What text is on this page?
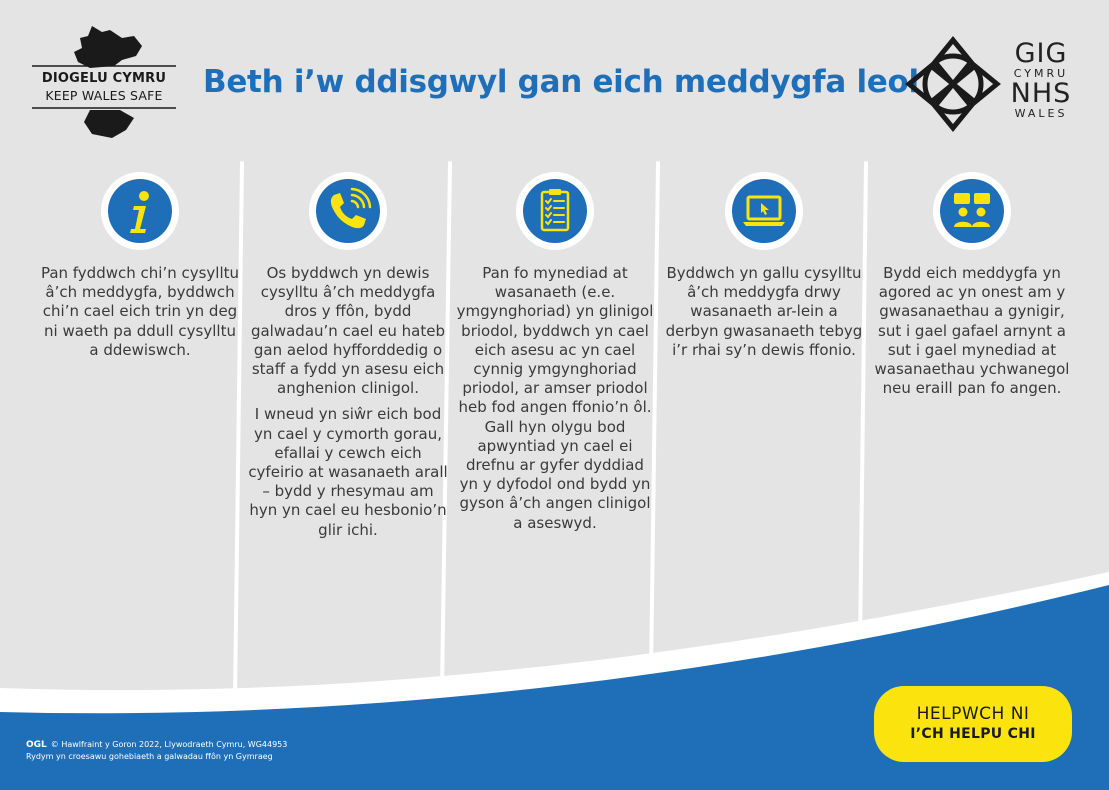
DIOGELU CYMRU
KEEP WALES SAFE	Beth i’w ddisgwyl gan eich meddygfa leol
GIG
CYMRU
NHS
WALES

Pan fyddwch chi’n cysylltu â’ch meddygfa, byddwch chi’n cael eich trin yn deg ni waeth pa ddull cysylltu a ddewiswch.

Os byddwch yn dewis cysylltu â’ch meddygfa dros y ffôn, bydd galwadau’n cael eu hateb gan aelod hyfforddedig o staff a fydd yn asesu eich anghenion clinigol.

I wneud yn siŵr eich bod yn cael y cymorth gorau, efallai y cewch eich cyfeirio at wasanaeth arall – bydd y rhesymau am hyn yn cael eu hesbonio’n glir ichi.

Pan fo mynediad at wasanaeth (e.e. ymgynghoriad) yn glinigol briodol, byddwch yn cael eich asesu ac yn cael cynnig ymgynghoriad priodol, ar amser priodol heb fod angen ffonio’n ôl. Gall hyn olygu bod apwyntiad yn cael ei drefnu ar gyfer dyddiad yn y dyfodol ond bydd yn gyson â’ch angen clinigol a aseswyd.

Byddwch yn gallu cysylltu â’ch meddygfa drwy wasanaeth ar-lein a derbyn gwasanaeth tebyg i’r rhai sy’n dewis ffonio.

Bydd eich meddygfa yn agored ac yn onest am y gwasanaethau a gynigir, sut i gael gafael arnynt a sut i gael mynediad at wasanaethau ychwanegol neu eraill pan fo angen.

OGL © Hawlfraint y Goron 2022, Llywodraeth Cymru, WG44953
Rydym yn croesawu gohebiaeth a galwadau ffôn yn Gymraeg
HELPWCH NI
I’CH HELPU CHI
